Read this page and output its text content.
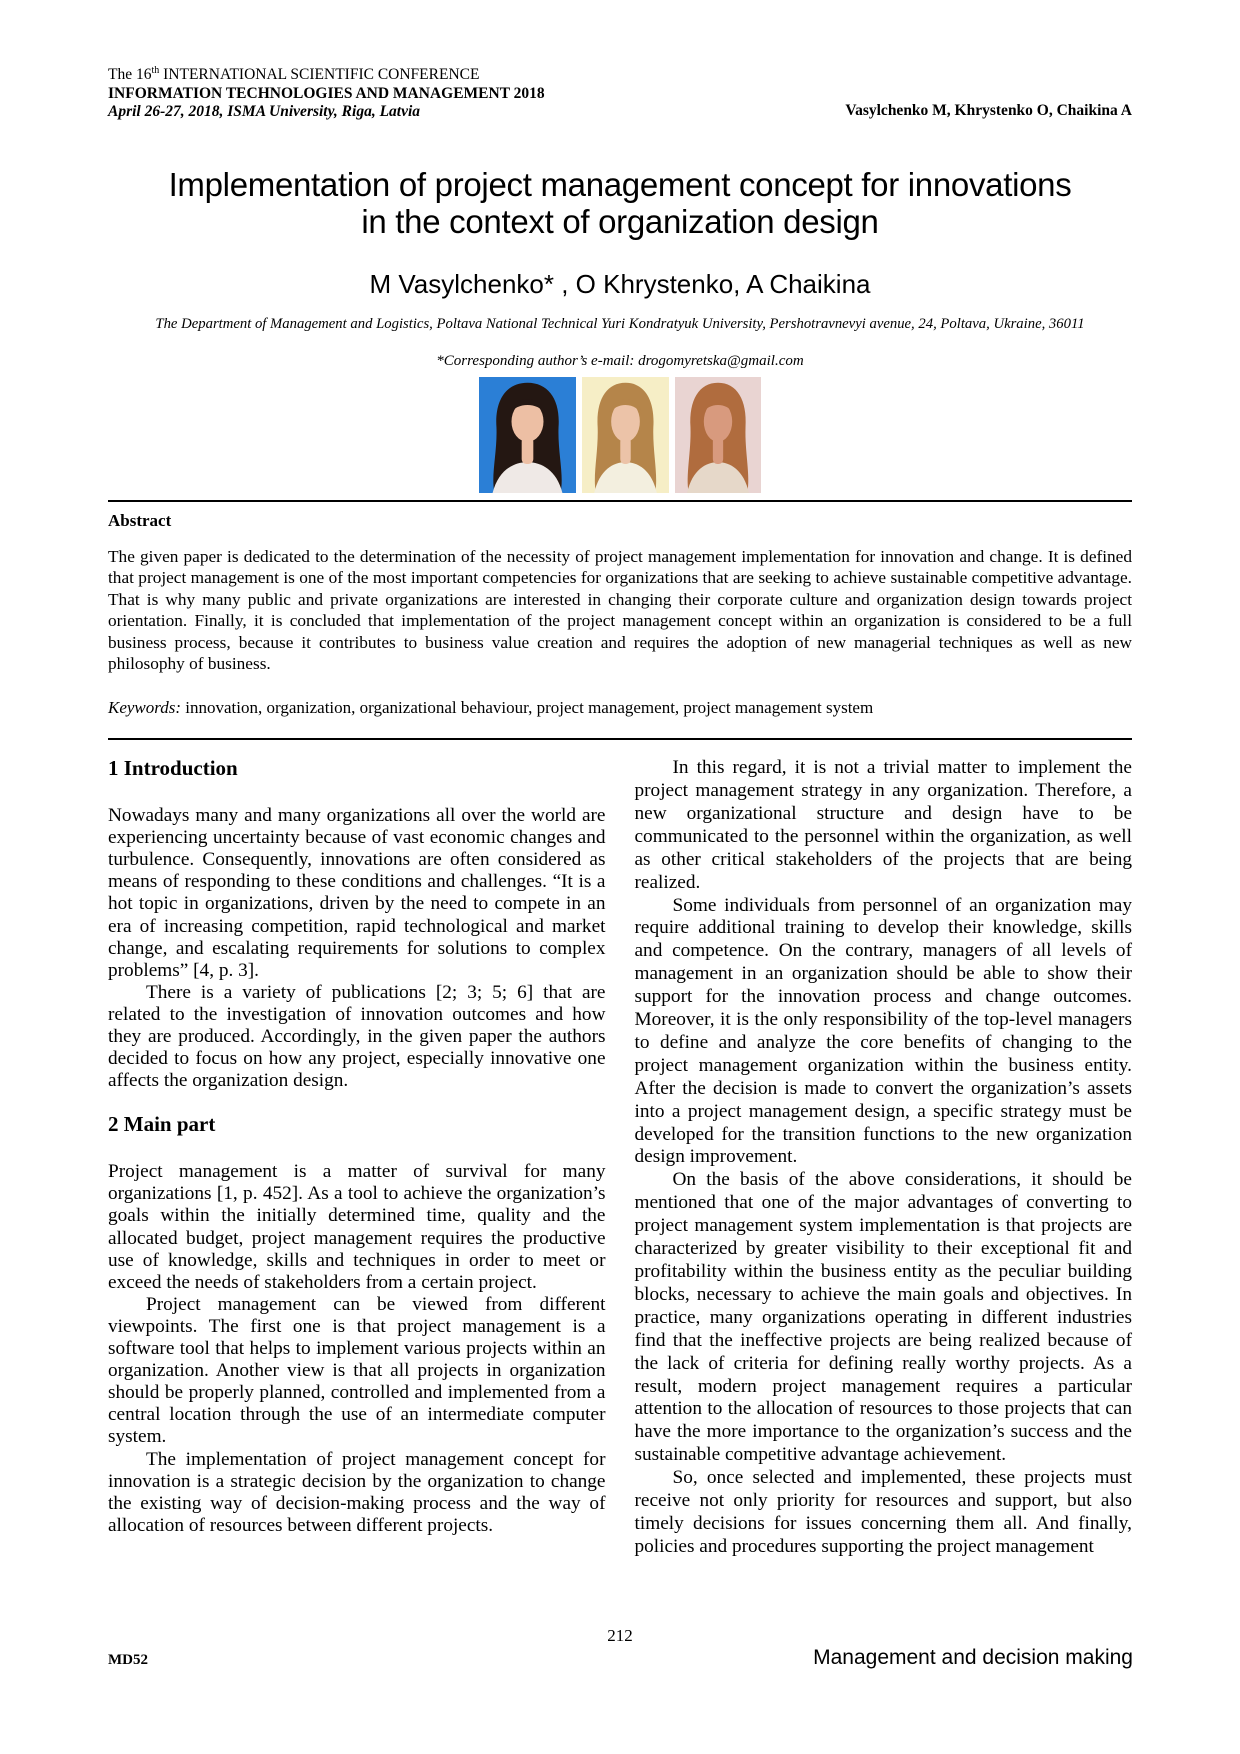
The 16th INTERNATIONAL SCIENTIFIC CONFERENCE
INFORMATION TECHNOLOGIES AND MANAGEMENT 2018
April 26-27, 2018, ISMA University, Riga, Latvia	Vasylchenko M, Khrystenko O, Chaikina A
Implementation of project management concept for innovations
in the context of organization design
M Vasylchenko* , O Khrystenko, A Chaikina
The Department of Management and Logistics, Poltava National Technical Yuri Kondratyuk University, Pershotravnevyi avenue, 24, Poltava, Ukraine, 36011
*Corresponding author’s e-mail: drogomyretska@gmail.com
Abstract

The given paper is dedicated to the determination of the necessity of project management implementation for innovation and change. It is defined that project management is one of the most important competencies for organizations that are seeking to achieve sustainable competitive advantage. That is why many public and private organizations are interested in changing their corporate culture and organization design towards project orientation. Finally, it is concluded that implementation of the project management concept within an organization is considered to be a full business process, because it contributes to business value creation and requires the adoption of new managerial techniques as well as new philosophy of business.

Keywords: innovation, organization, organizational behaviour, project management, project management system
1 Introduction

Nowadays many and many organizations all over the world are experiencing uncertainty because of vast economic changes and turbulence. Consequently, innovations are often considered as means of responding to these conditions and challenges. “It is a hot topic in organizations, driven by the need to compete in an era of increasing competition, rapid technological and market change, and escalating requirements for solutions to complex problems” [4, p. 3].

There is a variety of publications [2; 3; 5; 6] that are related to the investigation of innovation outcomes and how they are produced. Accordingly, in the given paper the authors decided to focus on how any project, especially innovative one affects the organization design.

2 Main part

Project management is a matter of survival for many organizations [1, p. 452]. As a tool to achieve the organization’s goals within the initially determined time, quality and the allocated budget, project management requires the productive use of knowledge, skills and techniques in order to meet or exceed the needs of stakeholders from a certain project.

Project management can be viewed from different viewpoints. The first one is that project management is a software tool that helps to implement various projects within an organization. Another view is that all projects in organization should be properly planned, controlled and implemented from a central location through the use of an intermediate computer system.

The implementation of project management concept for innovation is a strategic decision by the organization to change the existing way of decision-making process and the way of allocation of resources between different projects.

In this regard, it is not a trivial matter to implement the project management strategy in any organization. Therefore, a new organizational structure and design have to be communicated to the personnel within the organization, as well as other critical stakeholders of the projects that are being realized.

Some individuals from personnel of an organization may require additional training to develop their knowledge, skills and competence. On the contrary, managers of all levels of management in an organization should be able to show their support for the innovation process and change outcomes. Moreover, it is the only responsibility of the top-level managers to define and analyze the core benefits of changing to the project management organization within the business entity. After the decision is made to convert the organization’s assets into a project management design, a specific strategy must be developed for the transition functions to the new organization design improvement.

On the basis of the above considerations, it should be mentioned that one of the major advantages of converting to project management system implementation is that projects are characterized by greater visibility to their exceptional fit and profitability within the business entity as the peculiar building blocks, necessary to achieve the main goals and objectives. In practice, many organizations operating in different industries find that the ineffective projects are being realized because of the lack of criteria for defining really worthy projects. As a result, modern project management requires a particular attention to the allocation of resources to those projects that can have the more importance to the organization’s success and the sustainable competitive advantage achievement.

So, once selected and implemented, these projects must receive not only priority for resources and support, but also timely decisions for issues concerning them all. And finally, policies and procedures supporting the project management

212
MD52	Management and decision making
